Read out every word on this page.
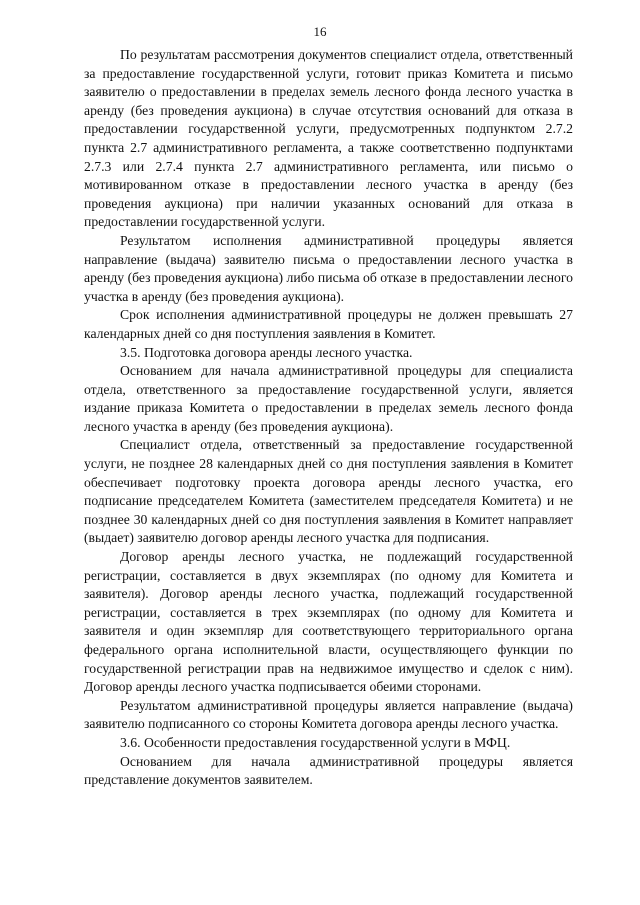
16

По результатам рассмотрения документов специалист отдела, ответственный за предоставление государственной услуги, готовит приказ Комитета и письмо заявителю о предоставлении в пределах земель лесного фонда лесного участка в аренду (без проведения аукциона) в случае отсутствия оснований для отказа в предоставлении государственной услуги, предусмотренных подпунктом 2.7.2 пункта 2.7 административного регламента, а также соответственно подпунктами 2.7.3 или 2.7.4 пункта 2.7 административного регламента, или письмо о мотивированном отказе в предоставлении лесного участка в аренду (без проведения аукциона) при наличии указанных оснований для отказа в предоставлении государственной услуги.

Результатом исполнения административной процедуры является направление (выдача) заявителю письма о предоставлении лесного участка в аренду (без проведения аукциона) либо письма об отказе в предоставлении лесного участка в аренду (без проведения аукциона).

Срок исполнения административной процедуры не должен превышать 27 календарных дней со дня поступления заявления в Комитет.

3.5. Подготовка договора аренды лесного участка.

Основанием для начала административной процедуры для специалиста отдела, ответственного за предоставление государственной услуги, является издание приказа Комитета о предоставлении в пределах земель лесного фонда лесного участка в аренду (без проведения аукциона).

Специалист отдела, ответственный за предоставление государственной услуги, не позднее 28 календарных дней со дня поступления заявления в Комитет обеспечивает подготовку проекта договора аренды лесного участка, его подписание председателем Комитета (заместителем председателя Комитета) и не позднее 30 календарных дней со дня поступления заявления в Комитет направляет (выдает) заявителю договор аренды лесного участка для подписания.

Договор аренды лесного участка, не подлежащий государственной регистрации, составляется в двух экземплярах (по одному для Комитета и заявителя). Договор аренды лесного участка, подлежащий государственной регистрации, составляется в трех экземплярах (по одному для Комитета и заявителя и один экземпляр для соответствующего территориального органа федерального органа исполнительной власти, осуществляющего функции по государственной регистрации прав на недвижимое имущество и сделок с ним). Договор аренды лесного участка подписывается обеими сторонами.

Результатом административной процедуры является направление (выдача) заявителю подписанного со стороны Комитета договора аренды лесного участка.

3.6. Особенности предоставления государственной услуги в МФЦ.

Основанием для начала административной процедуры является представление документов заявителем.
